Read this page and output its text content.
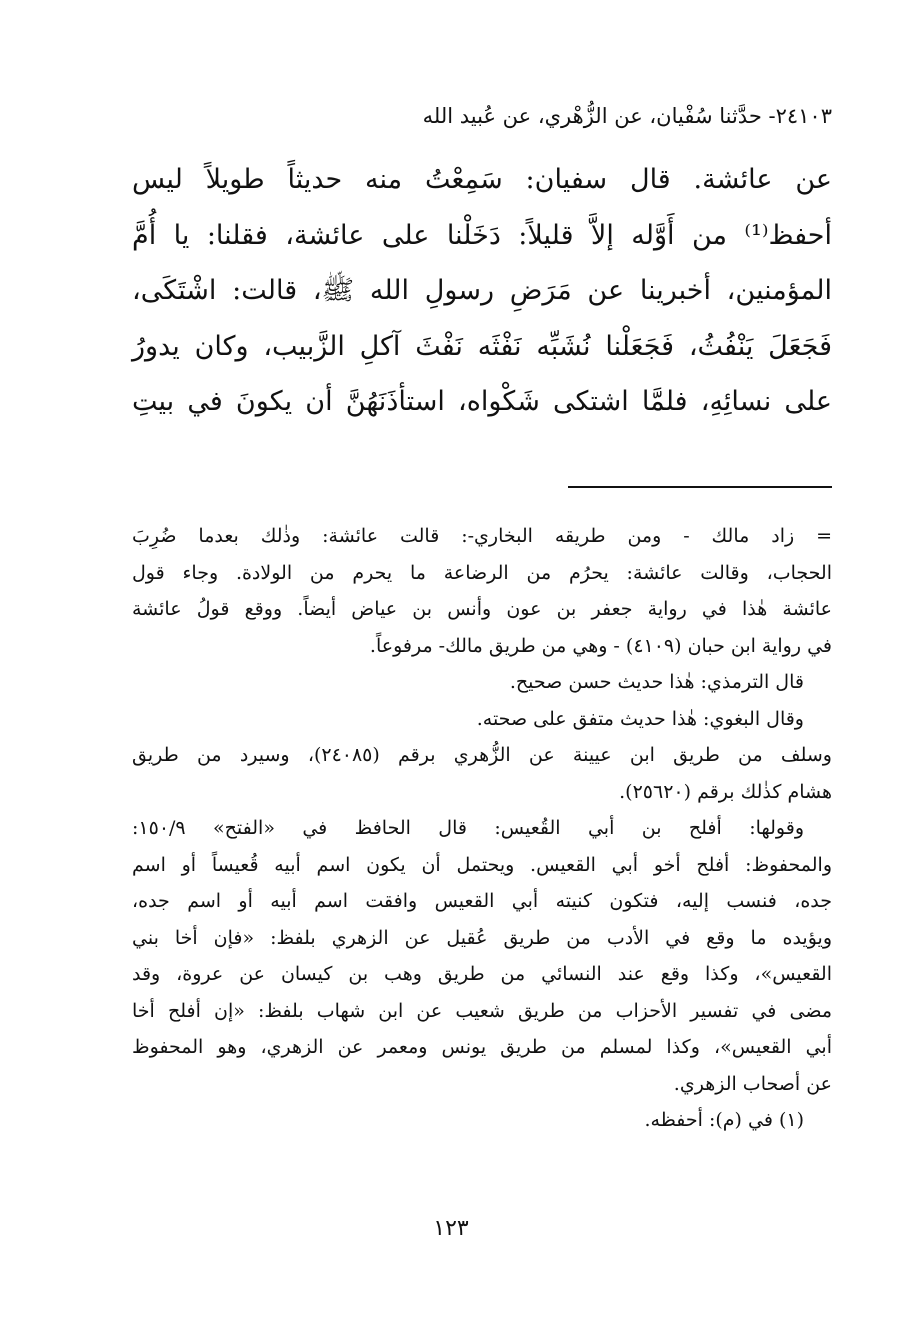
٢٤١٠٣- حدَّثنا سُفْيان، عن الزُّهْري، عن عُبيد الله
عن عائشة. قال سفيان: سَمِعْتُ منه حديثاً طويلاً ليس
أحفظ⁽¹⁾ من أَوَّله إلاَّ قليلاً: دَخَلْنا على عائشة، فقلنا: يا أُمَّ
المؤمنين، أخبرينا عن مَرَضِ رسولِ الله ﷺ، قالت: اشْتَكَى،
فَجَعَلَ يَنْفُثُ، فَجَعَلْنا نُشَبِّه نَفْثَه نَفْثَ آكلِ الزَّبيب، وكان يدورُ
على نسائِهِ، فلمَّا اشتكى شَكْواه، استأذَنَهُنَّ أن يكونَ في بيتِ
= زاد مالك - ومن طريقه البخاري-: قالت عائشة: وذٰلك بعدما ضُرِبَ
الحجاب، وقالت عائشة: يحرُم من الرضاعة ما يحرم من الولادة. وجاء قول
عائشة هٰذا في رواية جعفر بن عون وأنس بن عياض أيضاً. ووقع قولُ عائشة
في رواية ابن حبان (٤١٠٩) - وهي من طريق مالك- مرفوعاً.
قال الترمذي: هٰذا حديث حسن صحيح.
وقال البغوي: هٰذا حديث متفق على صحته.
وسلف من طريق ابن عيينة عن الزُّهري برقم (٢٤٠٨٥)، وسيرد من طريق
هشام كذٰلك برقم (٢٥٦٢٠).
وقولها: أفلح بن أبي القُعيس: قال الحافظ في «الفتح» ١٥٠/٩:
والمحفوظ: أفلح أخو أبي القعيس. ويحتمل أن يكون اسم أبيه قُعيساً أو اسم
جده، فنسب إليه، فتكون كنيته أبي القعيس وافقت اسم أبيه أو اسم جده،
ويؤيده ما وقع في الأدب من طريق عُقيل عن الزهري بلفظ: «فإن أخا بني
القعيس»، وكذا وقع عند النسائي من طريق وهب بن كيسان عن عروة، وقد
مضى في تفسير الأحزاب من طريق شعيب عن ابن شهاب بلفظ: «إن أفلح أخا
أبي القعيس»، وكذا لمسلم من طريق يونس ومعمر عن الزهري، وهو المحفوظ
عن أصحاب الزهري.
(١) في (م): أحفظه.
١٢٣
